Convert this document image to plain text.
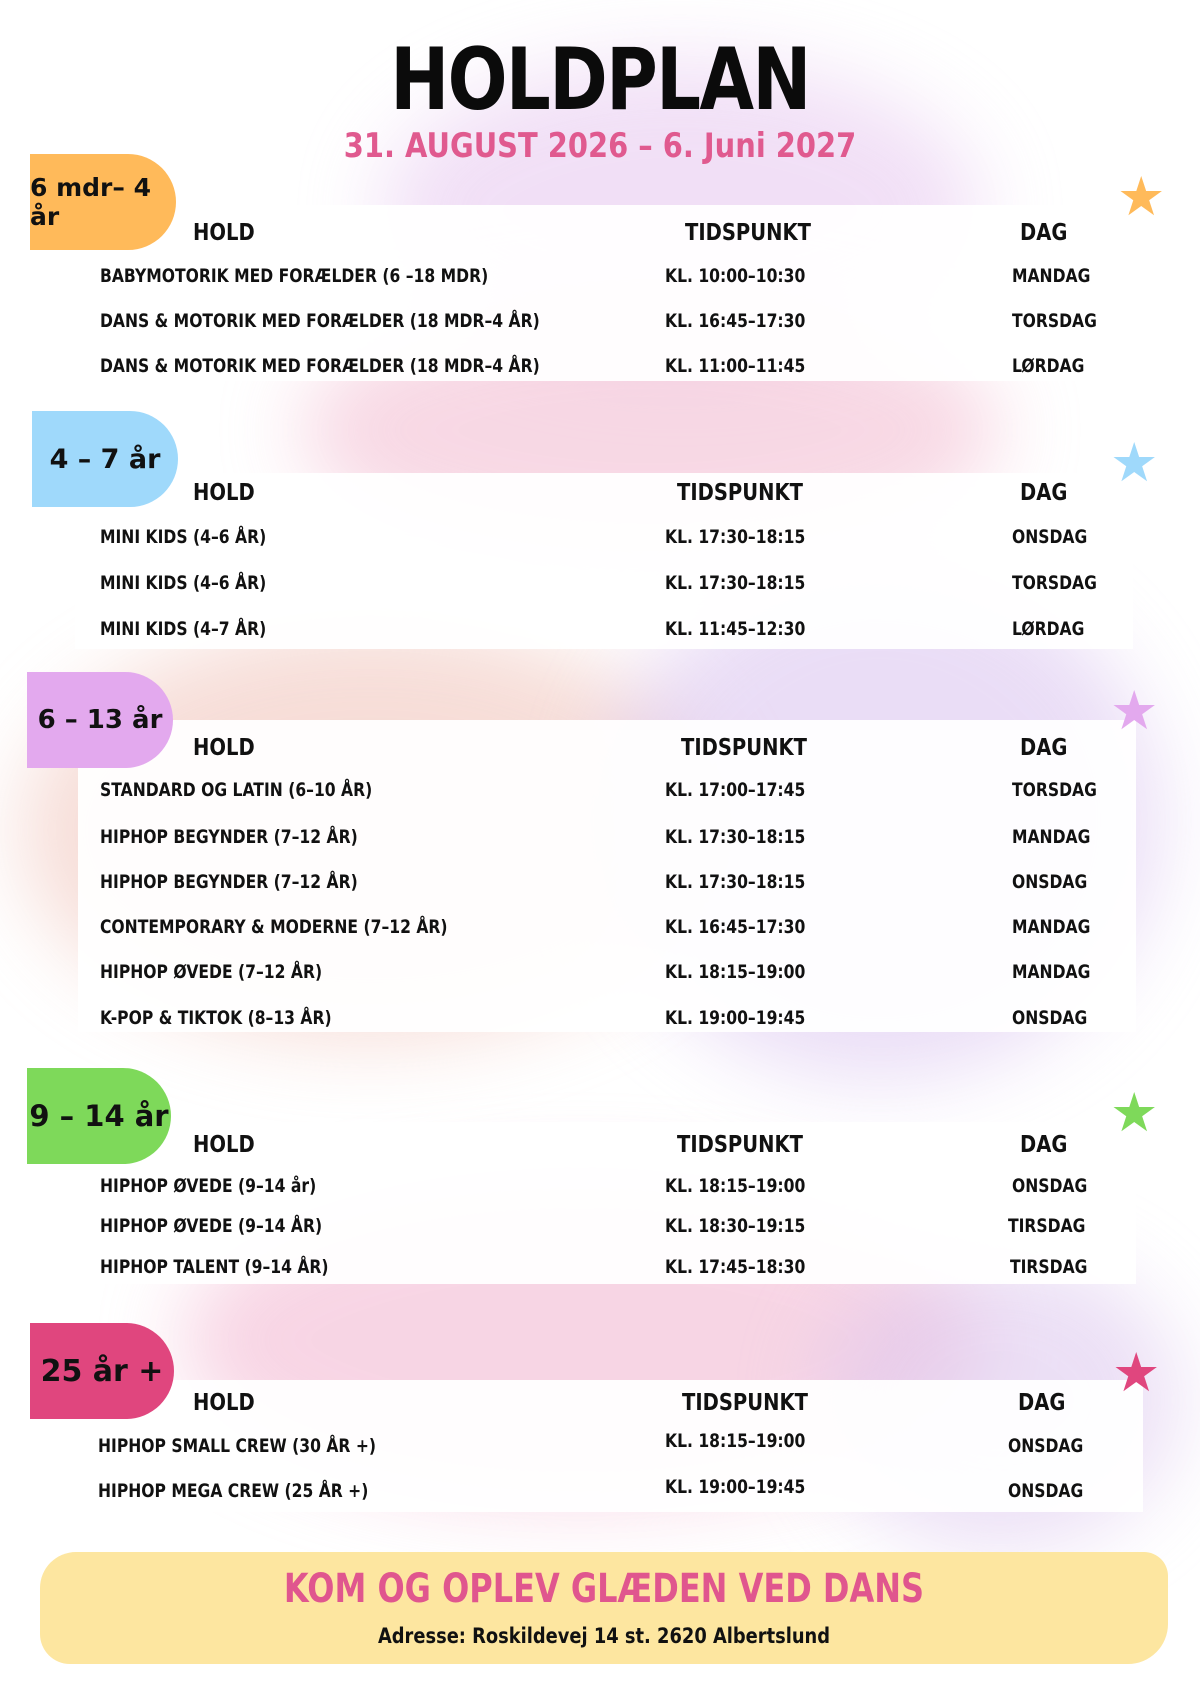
HOLDPLAN
31. AUGUST 2026 – 6. Juni 2027
6 mdr– 4 år	★
HOLD	TIDSPUNKT	DAG
BABYMOTORIK MED FORÆLDER (6 –18 MDR)	KL. 10:00–10:30	MANDAG
DANS & MOTORIK MED FORÆLDER (18 MDR–4 ÅR)	KL. 16:45–17:30	TORSDAG
DANS & MOTORIK MED FORÆLDER (18 MDR–4 ÅR)	KL. 11:00–11:45	LØRDAG
4 – 7 år	★
HOLD	TIDSPUNKT	DAG
MINI KIDS (4–6 ÅR)	KL. 17:30–18:15	ONSDAG
MINI KIDS (4–6 ÅR)	KL. 17:30–18:15	TORSDAG
MINI KIDS (4–7 ÅR)	KL. 11:45–12:30	LØRDAG
6 – 13 år	★
HOLD	TIDSPUNKT	DAG
STANDARD OG LATIN (6–10 ÅR)	KL. 17:00–17:45	TORSDAG
HIPHOP BEGYNDER (7–12 ÅR)	KL. 17:30–18:15	MANDAG
HIPHOP BEGYNDER (7–12 ÅR)	KL. 17:30–18:15	ONSDAG
CONTEMPORARY & MODERNE (7–12 ÅR)	KL. 16:45–17:30	MANDAG
HIPHOP ØVEDE (7–12 ÅR)	KL. 18:15–19:00	MANDAG
K-POP & TIKTOK (8–13 ÅR)	KL. 19:00–19:45	ONSDAG
9 – 14 år	★
HOLD	TIDSPUNKT	DAG
HIPHOP ØVEDE (9–14 år)	KL. 18:15–19:00	ONSDAG
HIPHOP ØVEDE (9–14 ÅR)	KL. 18:30–19:15	TIRSDAG
HIPHOP TALENT (9–14 ÅR)	KL. 17:45–18:30	TIRSDAG
25 år +	★
HOLD	TIDSPUNKT	DAG
HIPHOP SMALL CREW (30 ÅR +)	KL. 18:15–19:00	ONSDAG
HIPHOP MEGA CREW (25 ÅR +)	KL. 19:00–19:45	ONSDAG
KOM OG OPLEV GLÆDEN VED DANS
Adresse: Roskildevej 14 st. 2620 Albertslund
